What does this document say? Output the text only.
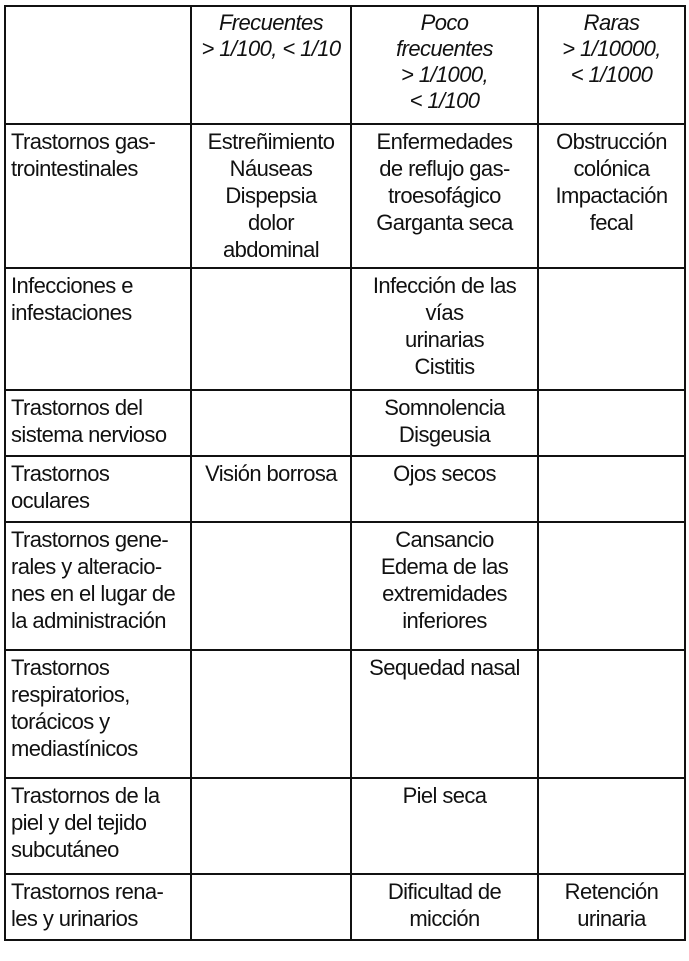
	Frecuentes
> 1/100, < 1/10	Poco
frecuentes
> 1/1000,
< 1/100	Raras
> 1/10000,
< 1/1000

Trastornos gas-
trointestinales	Estreñimiento
Náuseas
Dispepsia
dolor
abdominal	Enfermedades
de reflujo gas-
troesofágico
Garganta seca	Obstrucción
colónica
Impactación
fecal

Infecciones e
infestaciones		Infección de las
vías
urinarias
Cistitis	

Trastornos del
sistema nervioso		Somnolencia
Disgeusia	

Trastornos
oculares	Visión borrosa	Ojos secos	

Trastornos gene-
rales y alteracio-
nes en el lugar de
la administración		Cansancio
Edema de las
extremidades
inferiores	

Trastornos
respiratorios,
torácicos y
mediastínicos		Sequedad nasal	

Trastornos de la
piel y del tejido
subcutáneo		Piel seca	

Trastornos rena-
les y urinarios		Dificultad de
micción	Retención
urinaria
